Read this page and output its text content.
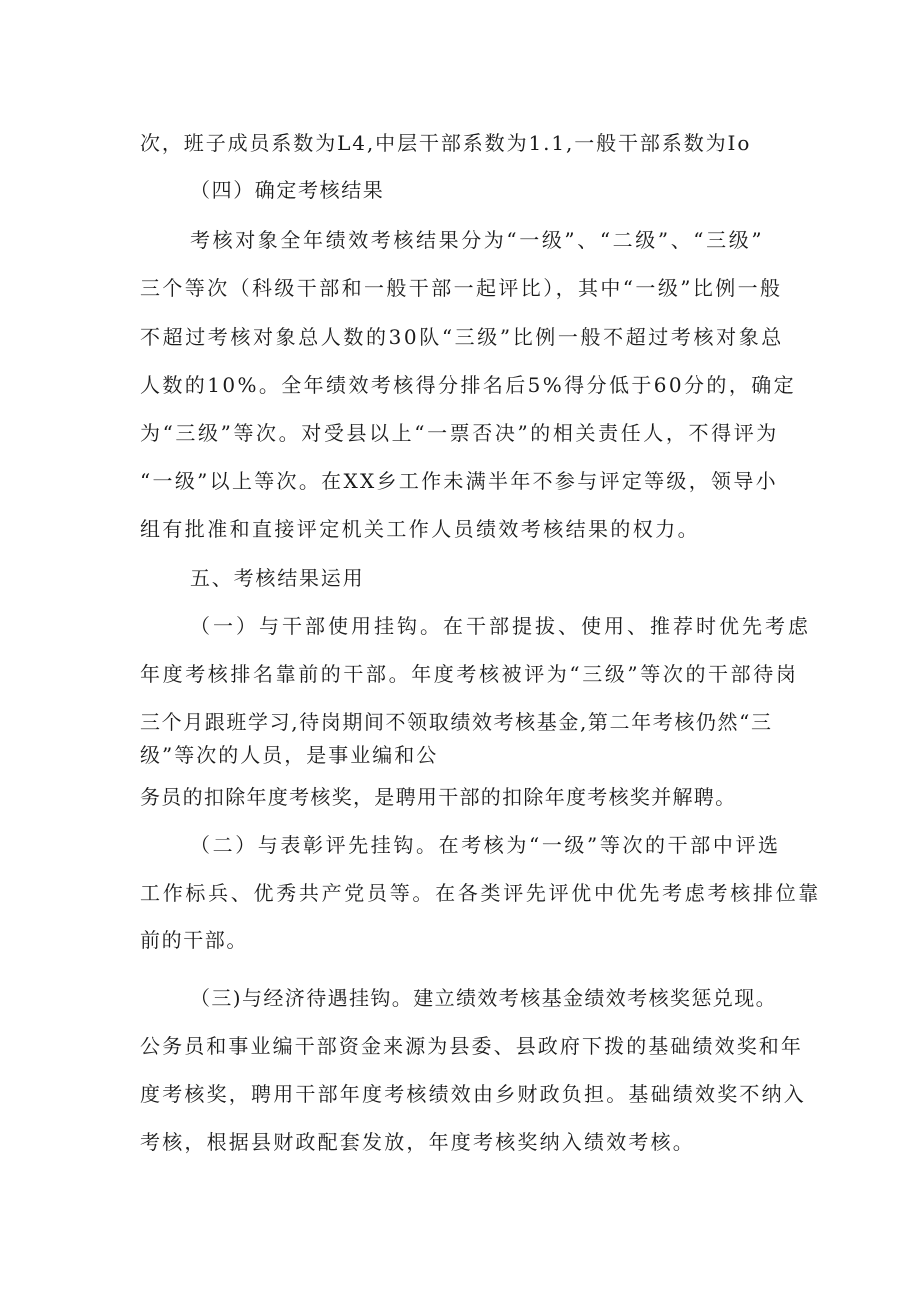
次，班子成员系数为L4,中层干部系数为1.1,一般干部系数为Io
（四）确定考核结果
考核对象全年绩效考核结果分为“一级”、“二级”、“三级”
三个等次（科级干部和一般干部一起评比），其中“一级”比例一般
不超过考核对象总人数的30队“三级”比例一般不超过考核对象总
人数的10%。全年绩效考核得分排名后5%得分低于60分的，确定
为“三级”等次。对受县以上“一票否决”的相关责任人，不得评为
“一级”以上等次。在XX乡工作未满半年不参与评定等级，领导小
组有批准和直接评定机关工作人员绩效考核结果的权力。
五、考核结果运用
（一）与干部使用挂钩。在干部提拔、使用、推荐时优先考虑
年度考核排名靠前的干部。年度考核被评为“三级”等次的干部待岗
三个月跟班学习,待岗期间不领取绩效考核基金,第二年考核仍然“三
级”等次的人员，是事业编和公
务员的扣除年度考核奖，是聘用干部的扣除年度考核奖并解聘。
（二）与表彰评先挂钩。在考核为“一级”等次的干部中评选
工作标兵、优秀共产党员等。在各类评先评优中优先考虑考核排位靠
前的干部。
（三)与经济待遇挂钩。建立绩效考核基金绩效考核奖惩兑现。
公务员和事业编干部资金来源为县委、县政府下拨的基础绩效奖和年
度考核奖，聘用干部年度考核绩效由乡财政负担。基础绩效奖不纳入
考核，根据县财政配套发放，年度考核奖纳入绩效考核。
